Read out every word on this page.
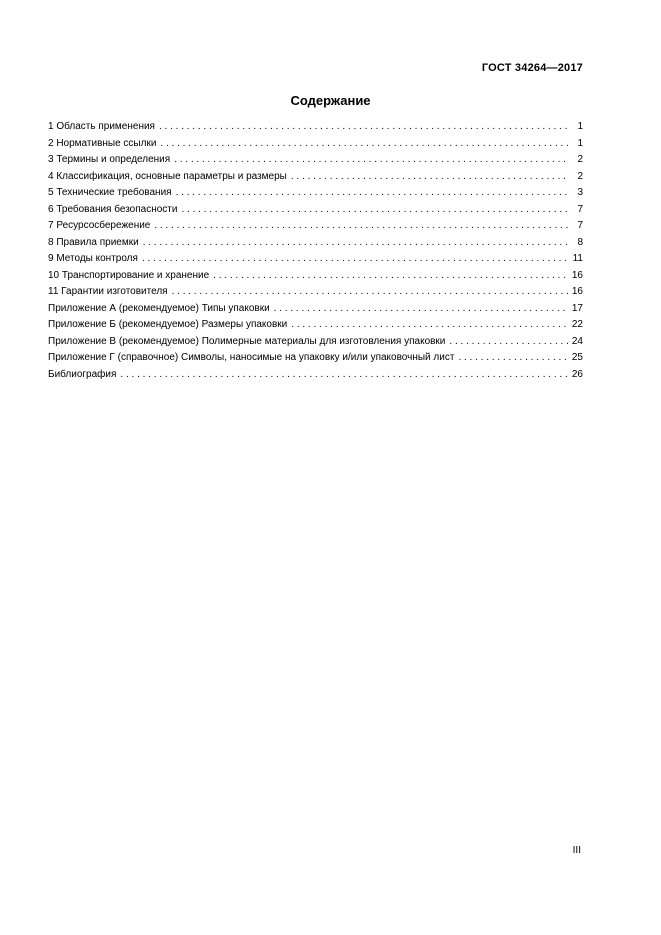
ГОСТ 34264—2017
Содержание
1 Область применения . . .	1
2 Нормативные ссылки . . .	1
3 Термины и определения . . .	2
4 Классификация, основные параметры и размеры . . .	2
5 Технические требования . . .	3
6 Требования безопасности . . .	7
7 Ресурсосбережение . . .	7
8 Правила приемки . . .	8
9 Методы контроля . . .	11
10 Транспортирование и хранение . . .	16
11 Гарантии изготовителя . . .	16
Приложение А (рекомендуемое) Типы упаковки . . .	17
Приложение Б (рекомендуемое) Размеры упаковки . . .	22
Приложение В (рекомендуемое) Полимерные материалы для изготовления упаковки . . .	24
Приложение Г (справочное) Символы, наносимые на упаковку и/или упаковочный лист . . .	25
Библиография . . .	26
III
